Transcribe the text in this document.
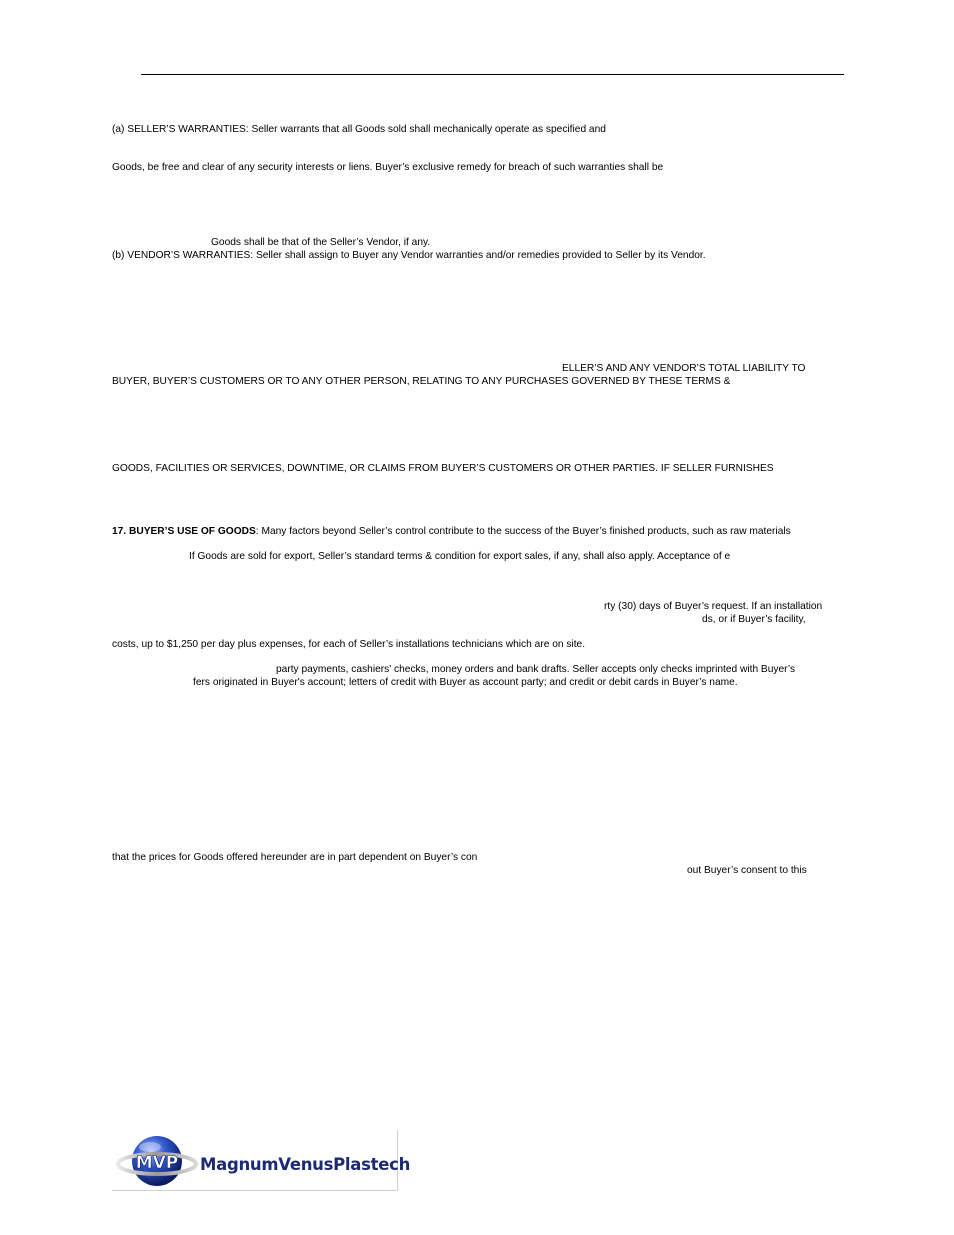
(a) SELLER’S WARRANTIES: Seller warrants that all Goods sold shall mechanically operate as specified and
Goods, be free and clear of any security interests or liens. Buyer’s exclusive remedy for breach of such warranties shall be
Goods shall be that of the Seller’s Vendor, if any.
(b) VENDOR’S WARRANTIES: Seller shall assign to Buyer any Vendor warranties and/or remedies provided to Seller by its Vendor.
ELLER’S AND ANY VENDOR’S TOTAL LIABILITY TO
BUYER, BUYER’S CUSTOMERS OR TO ANY OTHER PERSON, RELATING TO ANY PURCHASES GOVERNED BY THESE TERMS &
GOODS, FACILITIES OR SERVICES, DOWNTIME, OR CLAIMS FROM BUYER’S CUSTOMERS OR OTHER PARTIES. IF SELLER FURNISHES
17. BUYER’S USE OF GOODS: Many factors beyond Seller’s control contribute to the success of the Buyer’s finished products, such as raw materials
If Goods are sold for export, Seller’s standard terms & condition for export sales, if any, shall also apply. Acceptance of e
rty (30) days of Buyer’s request. If an installation
ds, or if Buyer’s facility,
costs, up to $1,250 per day plus expenses, for each of Seller’s installations technicians which are on site.
party payments, cashiers' checks, money orders and bank drafts. Seller accepts only checks imprinted with Buyer’s
fers originated in Buyer's account; letters of credit with Buyer as account party; and credit or debit cards in Buyer’s name.
that the prices for Goods offered hereunder are in part dependent on Buyer’s con
out Buyer’s consent to this
MVP MagnumVenusPlastech
